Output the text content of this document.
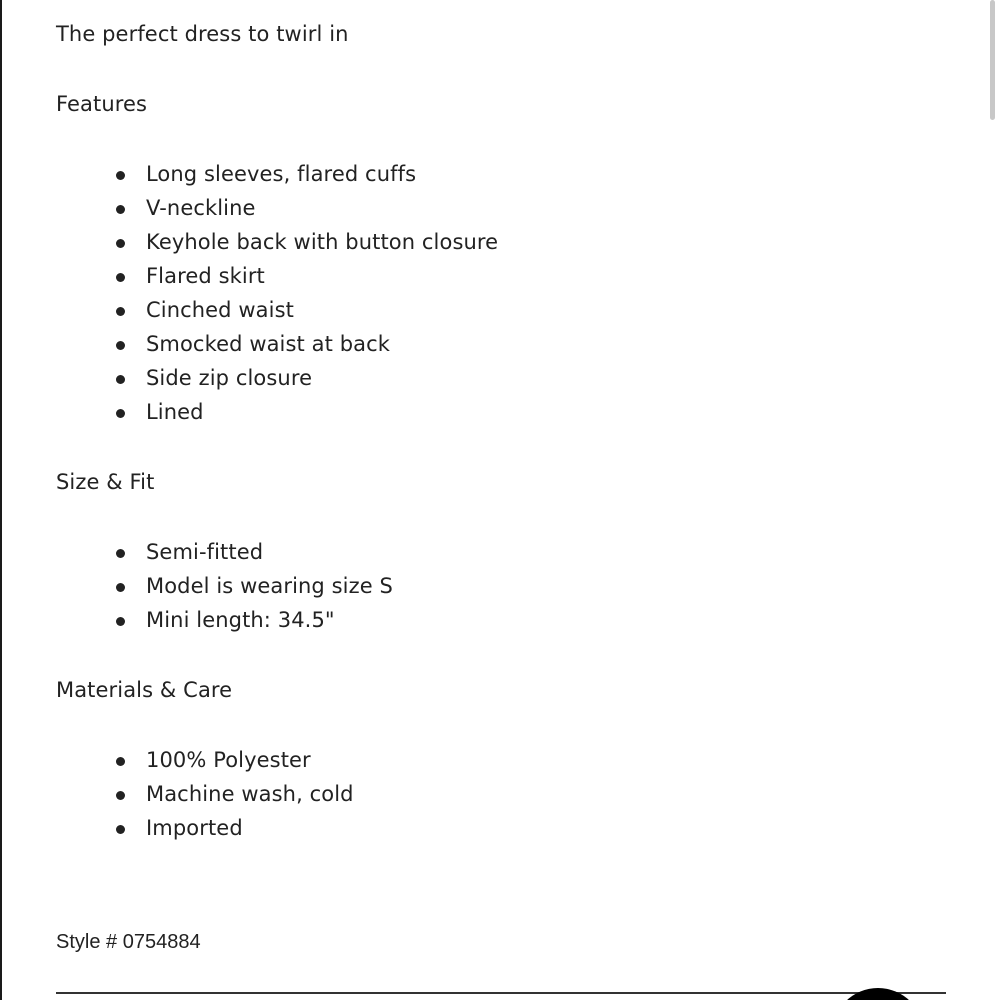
The perfect dress to twirl in
Features
Long sleeves, flared cuffs
V-neckline
Keyhole back with button closure
Flared skirt
Cinched waist
Smocked waist at back
Side zip closure
Lined
Size & Fit
Semi-fitted
Model is wearing size S
Mini length: 34.5"
Materials & Care
100% Polyester
Machine wash, cold
Imported
Style # 0754884
